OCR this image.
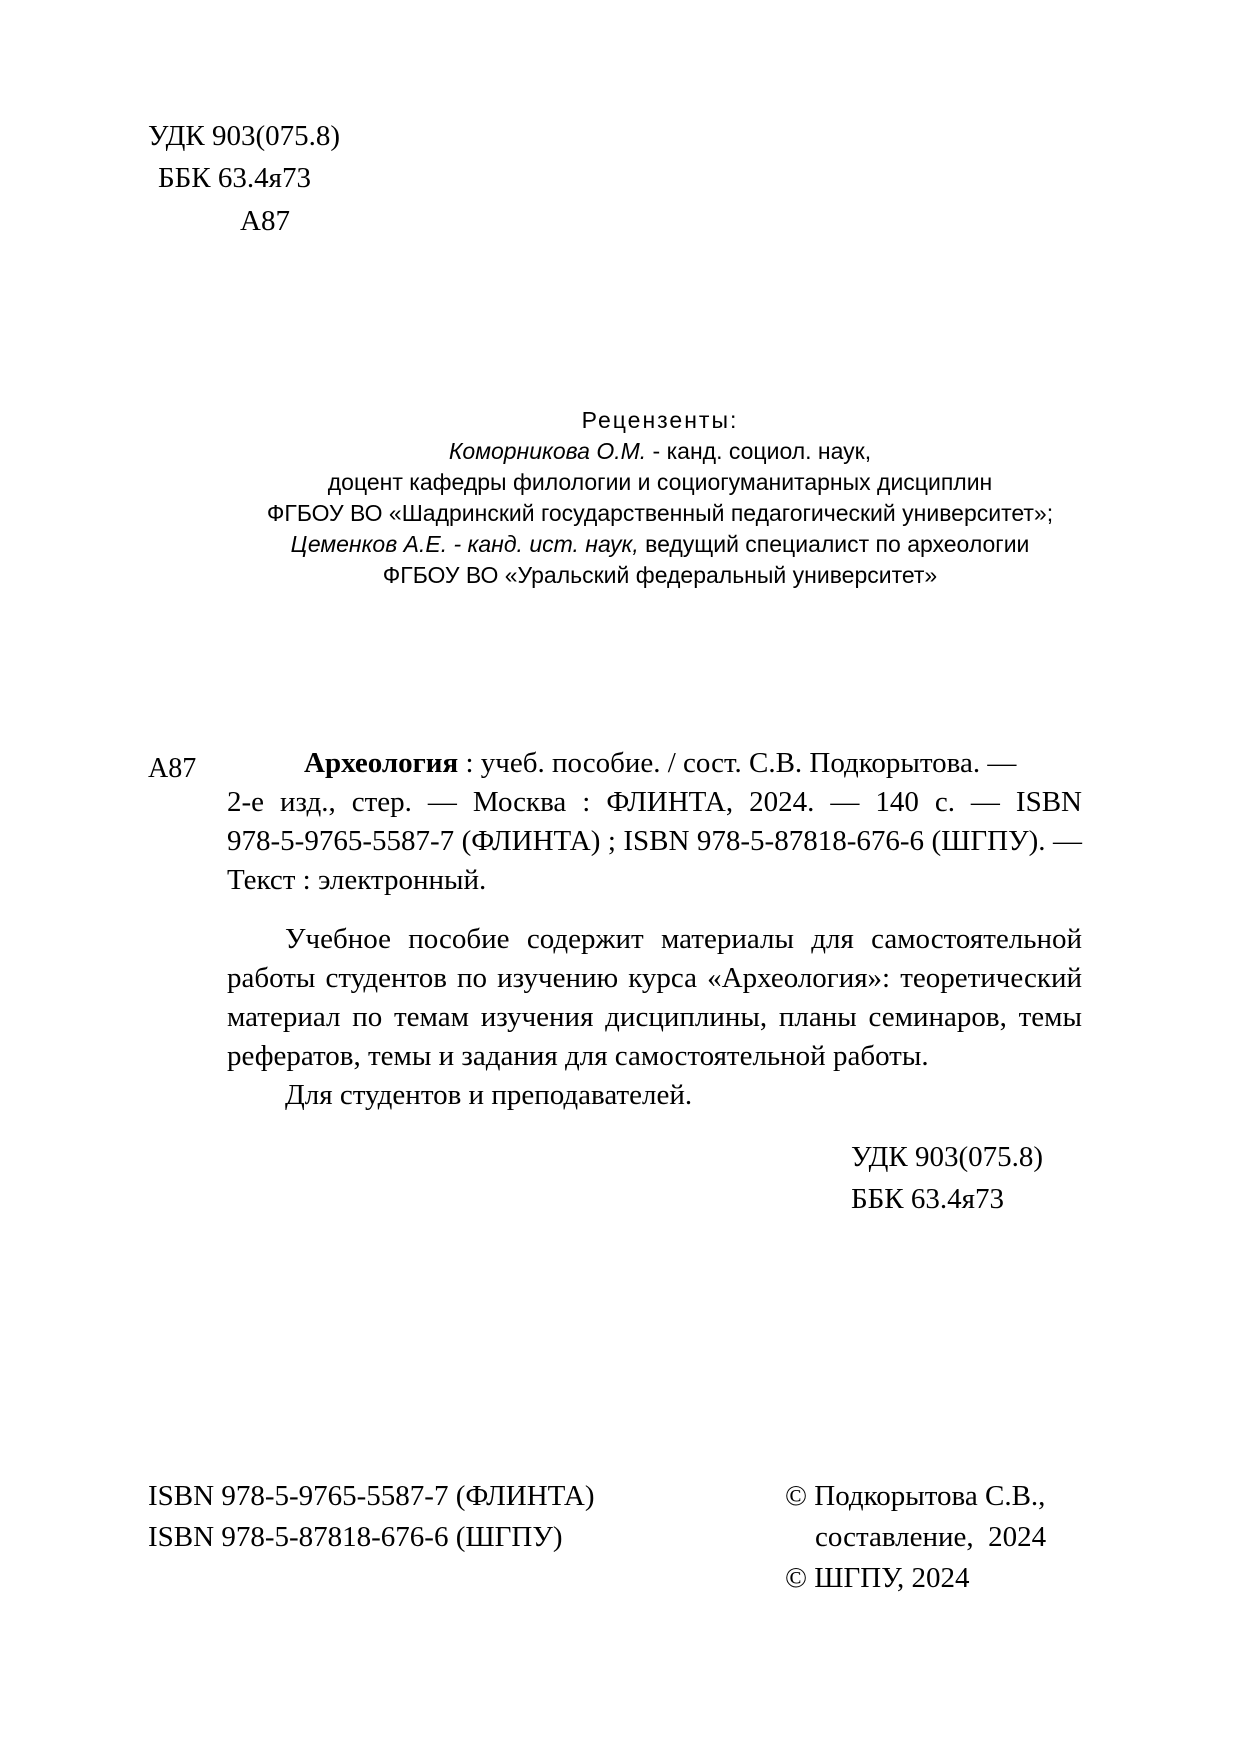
УДК 903(075.8)
ББК 63.4я73
А87
Рецензенты:
Коморникова О.М. - канд. социол. наук,
доцент кафедры филологии и социогуманитарных дисциплин
ФГБОУ ВО «Шадринский государственный педагогический университет»;
Цеменков А.Е. - канд. ист. наук, ведущий специалист по археологии
ФГБОУ ВО «Уральский федеральный университет»
А87	Археология : учеб. пособие. / сост. С.В. Подкорытова. —
2-е изд., стер. — Москва : ФЛИНТА, 2024. — 140 с. — ISBN
978-5-9765-5587-7 (ФЛИНТА) ; ISBN 978-5-87818-676-6 (ШГПУ). —
Текст : электронный.
Учебное пособие содержит материалы для самостоятельной
работы студентов по изучению курса «Археология»: теоретический
материал по темам изучения дисциплины, планы семинаров, темы
рефератов, темы и задания для самостоятельной работы.
Для студентов и преподавателей.
УДК 903(075.8)
ББК 63.4я73
ISBN 978-5-9765-5587-7 (ФЛИНТА)
ISBN 978-5-87818-676-6 (ШГПУ)
© Подкорытова С.В.,
составление,  2024
© ШГПУ, 2024
